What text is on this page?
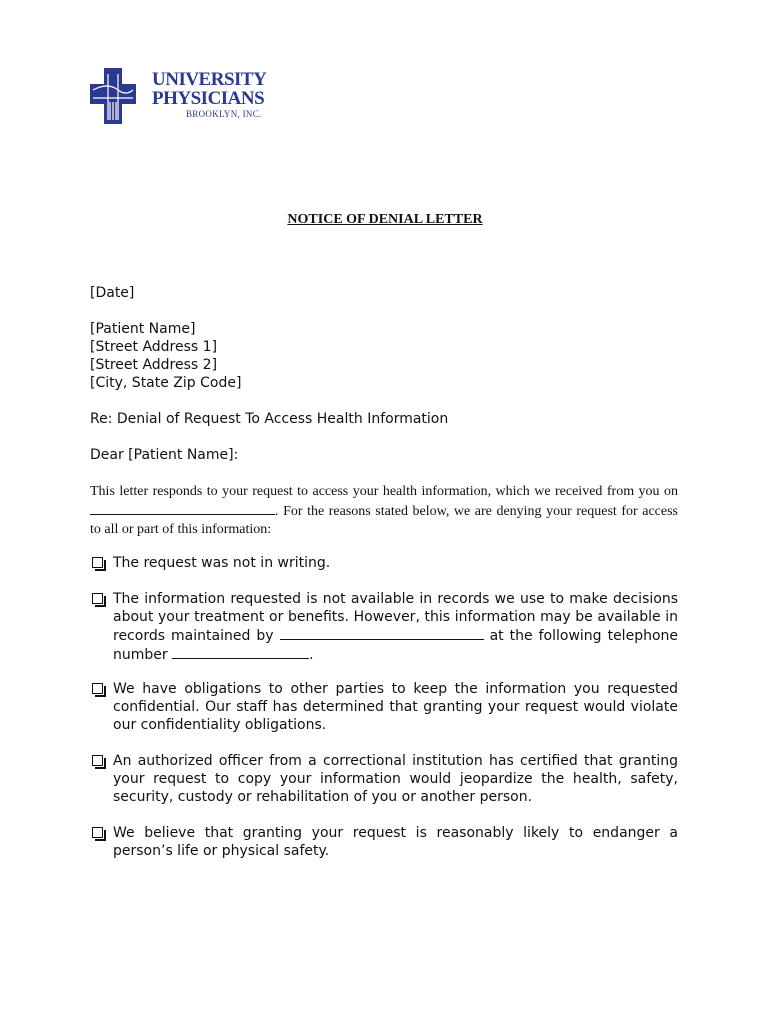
UNIVERSITY
PHYSICIANS
BROOKLYN, INC.
NOTICE OF DENIAL LETTER
[Date]
[Patient Name]
[Street Address 1]
[Street Address 2]
[City, State Zip Code]
Re: Denial of Request To Access Health Information
Dear [Patient Name]:
This letter responds to your request to access your health information, which we received from you on . For the reasons stated below, we are denying your request for access to all or part of this information:
The request was not in writing.
The information requested is not available in records we use to make decisions about your treatment or benefits. However, this information may be available in records maintained by	at the following telephone number	.
We have obligations to other parties to keep the information you requested confidential. Our staff has determined that granting your request would violate our confidentiality obligations.
An authorized officer from a correctional institution has certified that granting your request to copy your information would jeopardize the health, safety, security, custody or rehabilitation of you or another person.
We believe that granting your request is reasonably likely to endanger a person’s life or physical safety.
